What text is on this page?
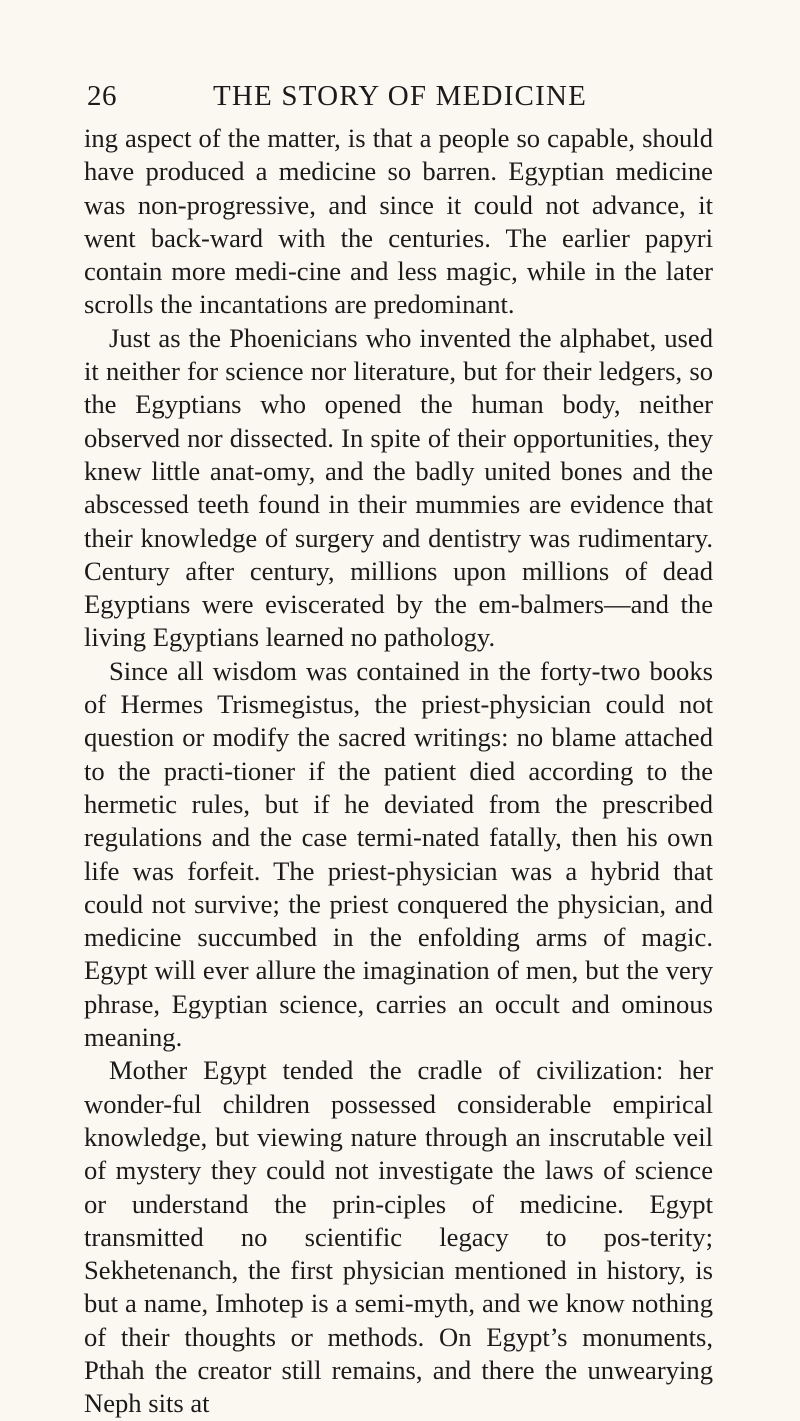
26	THE STORY OF MEDICINE

ing aspect of the matter, is that a people so capable, should have produced a medicine so barren. Egyptian medicine was non-progressive, and since it could not advance, it went back-ward with the centuries. The earlier papyri contain more medi-cine and less magic, while in the later scrolls the incantations are predominant.

Just as the Phoenicians who invented the alphabet, used it neither for science nor literature, but for their ledgers, so the Egyptians who opened the human body, neither observed nor dissected. In spite of their opportunities, they knew little anat-omy, and the badly united bones and the abscessed teeth found in their mummies are evidence that their knowledge of surgery and dentistry was rudimentary. Century after century, millions upon millions of dead Egyptians were eviscerated by the em-balmers—and the living Egyptians learned no pathology.

Since all wisdom was contained in the forty-two books of Hermes Trismegistus, the priest-physician could not question or modify the sacred writings: no blame attached to the practi-tioner if the patient died according to the hermetic rules, but if he deviated from the prescribed regulations and the case termi-nated fatally, then his own life was forfeit. The priest-physician was a hybrid that could not survive; the priest conquered the physician, and medicine succumbed in the enfolding arms of magic. Egypt will ever allure the imagination of men, but the very phrase, Egyptian science, carries an occult and ominous meaning.

Mother Egypt tended the cradle of civilization: her wonder-ful children possessed considerable empirical knowledge, but viewing nature through an inscrutable veil of mystery they could not investigate the laws of science or understand the prin-ciples of medicine. Egypt transmitted no scientific legacy to pos-terity; Sekhetenanch, the first physician mentioned in history, is but a name, Imhotep is a semi-myth, and we know nothing of their thoughts or methods. On Egypt’s monuments, Pthah the creator still remains, and there the unwearying Neph sits at
